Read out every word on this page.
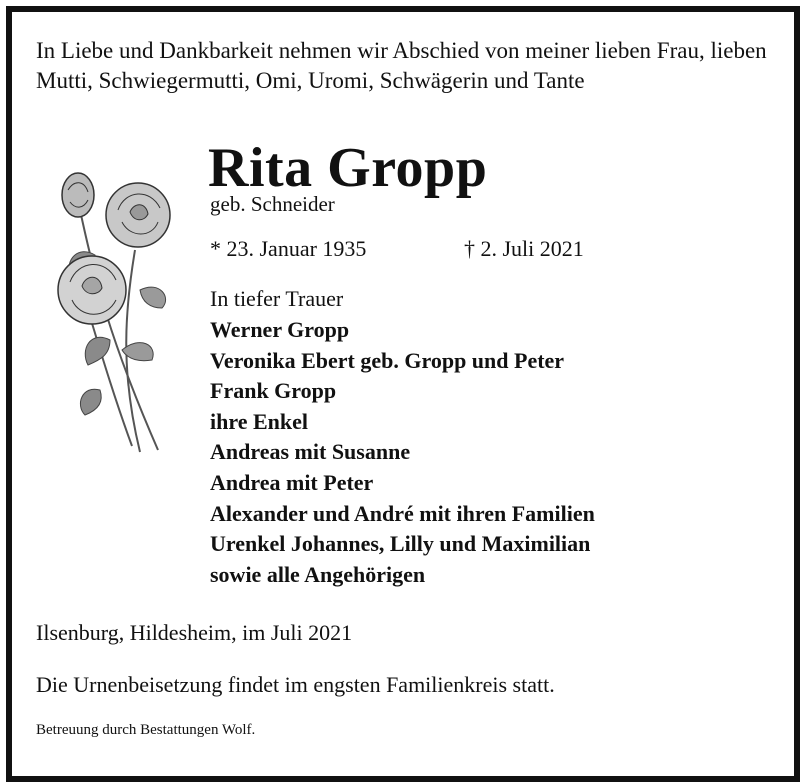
In Liebe und Dankbarkeit nehmen wir Abschied von meiner lieben Frau, lieben Mutti, Schwiegermutti, Omi, Uromi, Schwägerin und Tante
Rita Gropp
geb. Schneider
* 23. Januar 1935	† 2. Juli 2021
In tiefer Trauer
Werner Gropp
Veronika Ebert geb. Gropp und Peter
Frank Gropp
ihre Enkel
Andreas mit Susanne
Andrea mit Peter
Alexander und André mit ihren Familien
Urenkel Johannes, Lilly und Maximilian
sowie alle Angehörigen
Ilsenburg, Hildesheim, im Juli 2021
Die Urnenbeisetzung findet im engsten Familienkreis statt.
Betreuung durch Bestattungen Wolf.
